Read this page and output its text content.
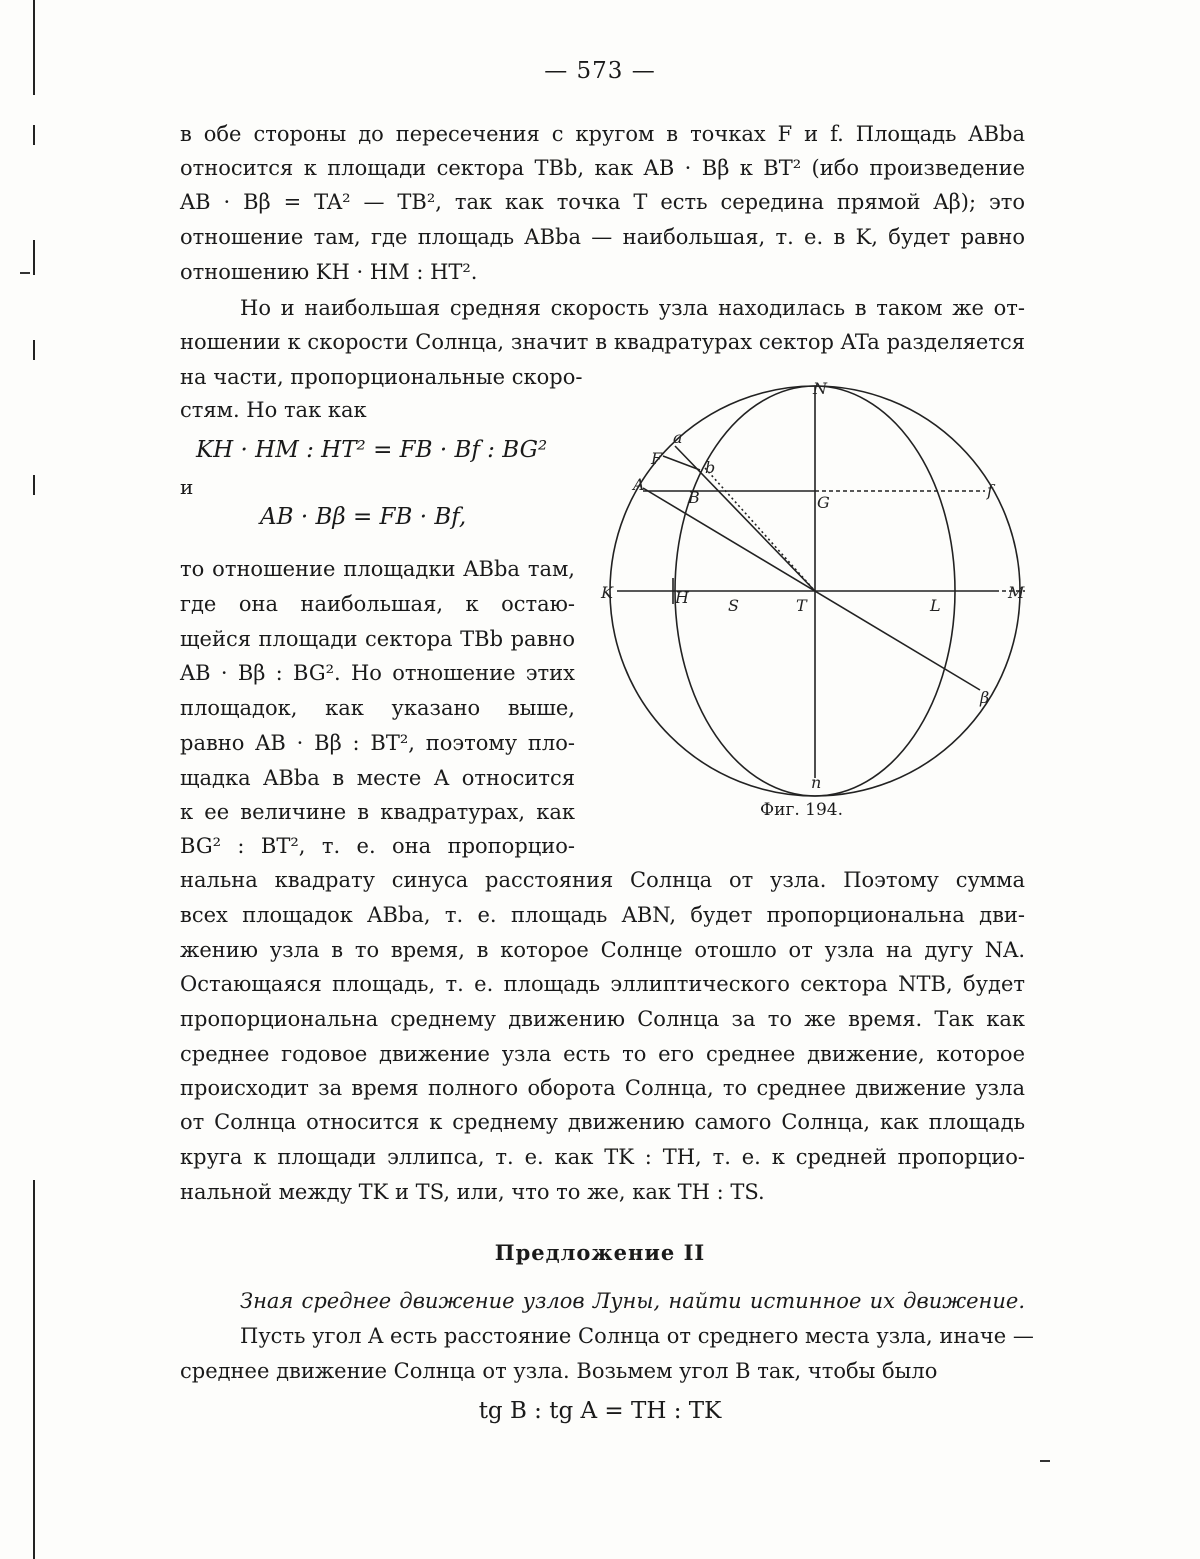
— 573 —
в обе стороны до пересечения с кругом в точках F и f. Площадь ABba
относится к площади сектора TBb, как AB · Bβ к BT² (ибо произведение
AB · Bβ = TA² — TB², так как точка T есть середина прямой Aβ); это
отношение там, где площадь ABba — наибольшая, т. е. в K, будет равно
отношению KH · HM : HT².
Но и наибольшая средняя скорость узла находилась в таком же от-
ношении к скорости Солнца, значит в квадратурах сектор ATa разделяется
на части, пропорциональные скоро-
стям. Но так как
KH · HM : HT² = FB · Bf : BG²
и
AB · Bβ = FB · Bf,
то отношение площадки ABba там,
где она наибольшая, к остаю-
щейся площади сектора TBb равно
AB · Bβ : BG². Но отношение этих
площадок, как указано выше,
равно AB · Bβ : BT², поэтому пло-
щадка ABba в месте A относится
к ее величине в квадратурах, как
BG² : BT², т. е. она пропорцио-
нальна квадрату синуса расстояния Солнца от узла. Поэтому сумма
всех площадок ABba, т. е. площадь ABN, будет пропорциональна дви-
жению узла в то время, в которое Солнце отошло от узла на дугу NA.
Остающаяся площадь, т. е. площадь эллиптического сектора NTB, будет
пропорциональна среднему движению Солнца за то же время. Так как
среднее годовое движение узла есть то его среднее движение, которое
происходит за время полного оборота Солнца, то среднее движение узла
от Солнца относится к среднему движению самого Солнца, как площадь
круга к площади эллипса, т. е. как TK : TH, т. е. к средней пропорцио-
нальной между TK и TS, или, что то же, как TH : TS.
Предложение II
Зная среднее движение узлов Луны, найти истинное их движение.
Пусть угол A есть расстояние Солнца от среднего места узла, иначе —
среднее движение Солнца от узла. Возьмем угол B так, чтобы было
tg B : tg A = TH : TK
N
n
K	M
H S	T	L
A
a
B
b
F
f
G
β
Фиг. 194.
